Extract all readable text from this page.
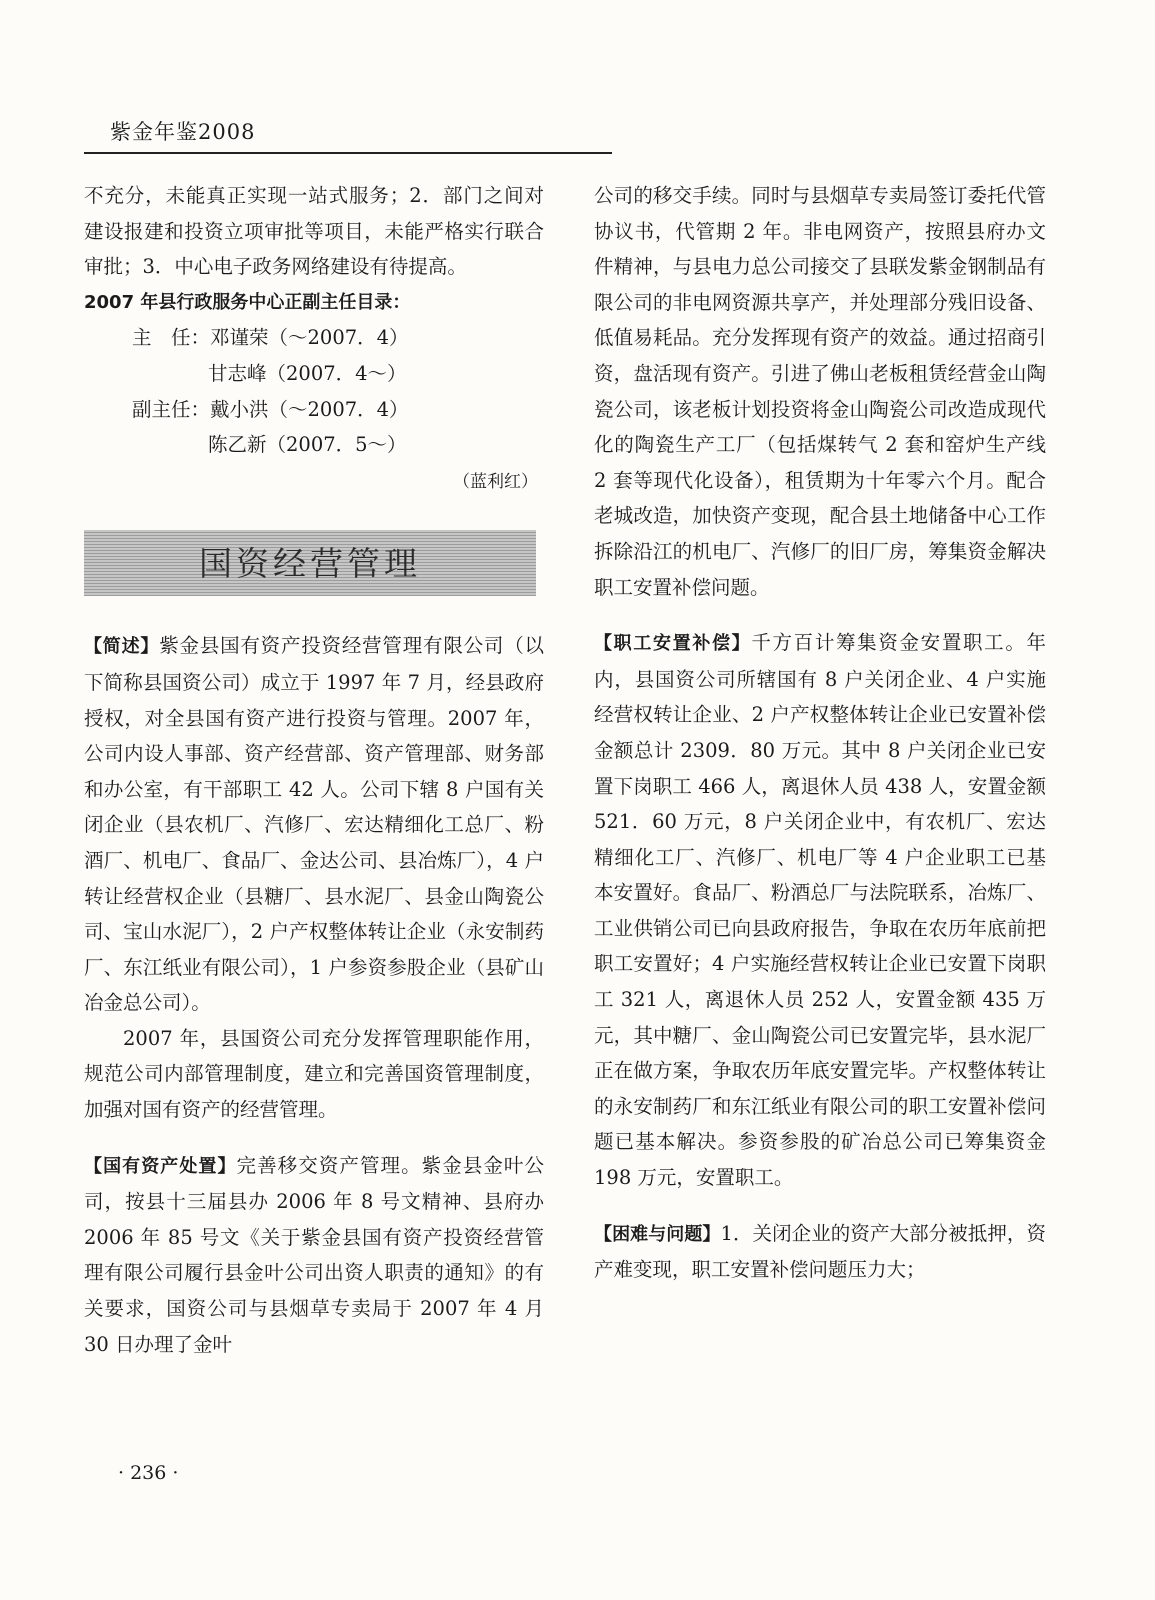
紫金年鉴2008

不充分，未能真正实现一站式服务；2．部门之间对建设报建和投资立项审批等项目，未能严格实行联合审批；3．中心电子政务网络建设有待提高。

2007 年县行政服务中心正副主任目录：

主　任：邓谨荣（～2007．4）

甘志峰（2007．4～）

副主任：戴小洪（～2007．4）

陈乙新（2007．5～）

（蓝利红）

国资经营管理

【简述】紫金县国有资产投资经营管理有限公司（以下简称县国资公司）成立于 1997 年 7 月，经县政府授权，对全县国有资产进行投资与管理。2007 年，公司内设人事部、资产经营部、资产管理部、财务部和办公室，有干部职工 42 人。公司下辖 8 户国有关闭企业（县农机厂、汽修厂、宏达精细化工总厂、粉酒厂、机电厂、食品厂、金达公司、县冶炼厂），4 户转让经营权企业（县糖厂、县水泥厂、县金山陶瓷公司、宝山水泥厂），2 户产权整体转让企业（永安制药厂、东江纸业有限公司），1 户参资参股企业（县矿山冶金总公司）。

2007 年，县国资公司充分发挥管理职能作用，规范公司内部管理制度，建立和完善国资管理制度，加强对国有资产的经营管理。

【国有资产处置】完善移交资产管理。紫金县金叶公司，按县十三届县办 2006 年 8 号文精神、县府办 2006 年 85 号文《关于紫金县国有资产投资经营管理有限公司履行县金叶公司出资人职责的通知》的有关要求，国资公司与县烟草专卖局于 2007 年 4 月 30 日办理了金叶

公司的移交手续。同时与县烟草专卖局签订委托代管协议书，代管期 2 年。非电网资产，按照县府办文件精神，与县电力总公司接交了县联发紫金钢制品有限公司的非电网资源共享产，并处理部分残旧设备、低值易耗品。充分发挥现有资产的效益。通过招商引资，盘活现有资产。引进了佛山老板租赁经营金山陶瓷公司，该老板计划投资将金山陶瓷公司改造成现代化的陶瓷生产工厂（包括煤转气 2 套和窑炉生产线 2 套等现代化设备），租赁期为十年零六个月。配合老城改造，加快资产变现，配合县土地储备中心工作拆除沿江的机电厂、汽修厂的旧厂房，筹集资金解决职工安置补偿问题。

【职工安置补偿】千方百计筹集资金安置职工。年内，县国资公司所辖国有 8 户关闭企业、4 户实施经营权转让企业、2 户产权整体转让企业已安置补偿金额总计 2309．80 万元。其中 8 户关闭企业已安置下岗职工 466 人，离退休人员 438 人，安置金额 521．60 万元，8 户关闭企业中，有农机厂、宏达精细化工厂、汽修厂、机电厂等 4 户企业职工已基本安置好。食品厂、粉酒总厂与法院联系，冶炼厂、工业供销公司已向县政府报告，争取在农历年底前把职工安置好；4 户实施经营权转让企业已安置下岗职工 321 人，离退休人员 252 人，安置金额 435 万元，其中糖厂、金山陶瓷公司已安置完毕，县水泥厂正在做方案，争取农历年底安置完毕。产权整体转让的永安制药厂和东江纸业有限公司的职工安置补偿问题已基本解决。参资参股的矿冶总公司已筹集资金 198 万元，安置职工。

【困难与问题】1．关闭企业的资产大部分被抵押，资产难变现，职工安置补偿问题压力大；

· 236 ·
